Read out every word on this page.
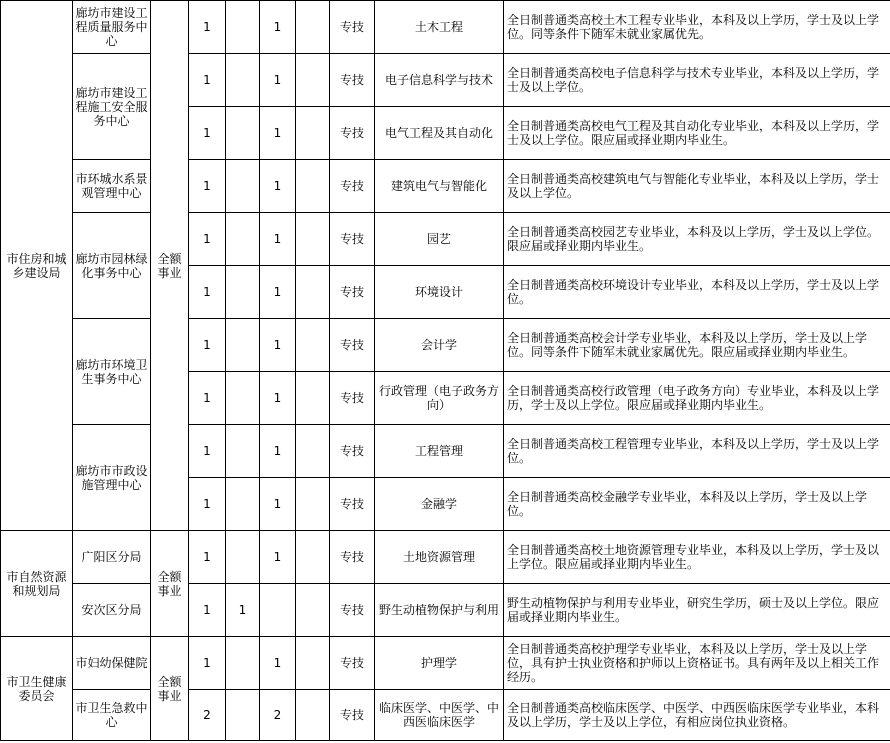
市住房和城乡建设局	廊坊市建设工程质量服务中心	全额事业	1		1		专技	土木工程	全日制普通类高校土木工程专业毕业，本科及以上学历，学士及以上学位。同等条件下随军未就业家属优先。
	廊坊市建设工程施工安全服务中心		1		1		专技	电子信息科学与技术	全日制普通类高校电子信息科学与技术专业毕业，本科及以上学历，学士及以上学位。
			1		1		专技	电气工程及其自动化	全日制普通类高校电气工程及其自动化专业毕业，本科及以上学历，学士及以上学位。限应届或择业期内毕业生。
	市环城水系景观管理中心		1		1		专技	建筑电气与智能化	全日制普通类高校建筑电气与智能化专业毕业，本科及以上学历，学士及以上学位。
	廊坊市园林绿化事务中心		1		1		专技	园艺	全日制普通类高校园艺专业毕业，本科及以上学历，学士及以上学位。限应届或择业期内毕业生。
			1		1		专技	环境设计	全日制普通类高校环境设计专业毕业，本科及以上学历，学士及以上学位。
	廊坊市环境卫生事务中心		1		1		专技	会计学	全日制普通类高校会计学专业毕业，本科及以上学历，学士及以上学位。同等条件下随军未就业家属优先。限应届或择业期内毕业生。
			1		1		专技	行政管理（电子政务方向）	全日制普通类高校行政管理（电子政务方向）专业毕业，本科及以上学历，学士及以上学位。限应届或择业期内毕业生。
	廊坊市市政设施管理中心		1		1		专技	工程管理	全日制普通类高校工程管理专业毕业，本科及以上学历，学士及以上学位。
			1		1		专技	金融学	全日制普通类高校金融学专业毕业，本科及以上学历，学士及以上学位。
市自然资源和规划局	广阳区分局	全额事业	1		1		专技	土地资源管理	全日制普通类高校土地资源管理专业毕业，本科及以上学历，学士及以上学位。限应届或择业期内毕业生。
	安次区分局		1	1			专技	野生动植物保护与利用	野生动植物保护与利用专业毕业，研究生学历，硕士及以上学位。限应届或择业期内毕业生。
市卫生健康委员会	市妇幼保健院	全额事业	1		1		专技	护理学	全日制普通类高校护理学专业毕业，本科及以上学历，学士及以上学位，具有护士执业资格和护师以上资格证书。具有两年及以上相关工作经历。
	市卫生急救中心		2		2		专技	临床医学、中医学、中西医临床医学	全日制普通类高校临床医学、中医学、中西医临床医学专业毕业，本科及以上学历，学士及以上学位，有相应岗位执业资格。
